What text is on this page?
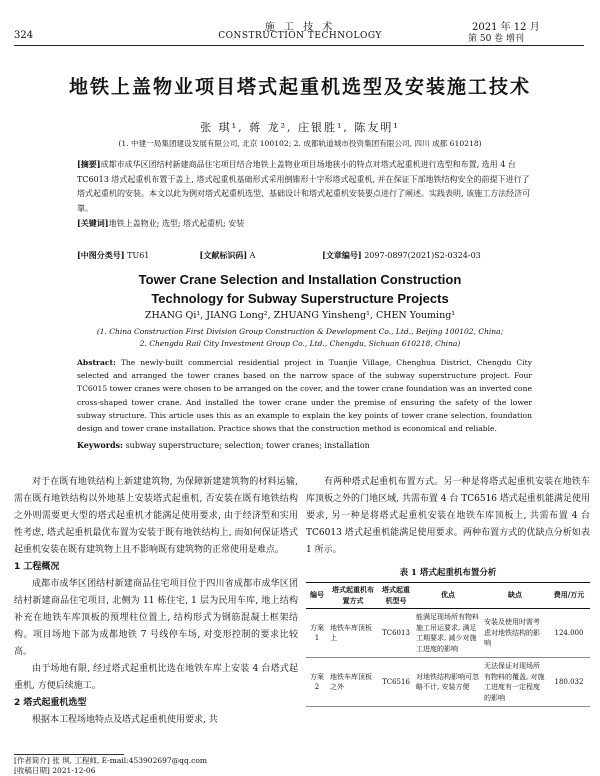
324
施 工 技 术
CONSTRUCTION TECHNOLOGY
2021 年 12 月
第 50 卷 增刊
地铁上盖物业项目塔式起重机选型及安装施工技术
张 琪¹, 蒋 龙², 庄银胜¹, 陈友明¹
(1. 中建一局集团建设发展有限公司, 北京 100102; 2. 成都轨道城市投资集团有限公司, 四川 成都 610218)
[摘要]成都市成华区团结村新建商品住宅项目结合地铁上盖物业项目场地狭小的特点对塔式起重机进行选型和布置, 选用 4 台 TC6013 塔式起重机布置于盖上, 塔式起重机基础形式采用倒锥形十字形塔式起重机, 并在保证下部地铁结构安全的前提下进行了塔式起重机的安装。本文以此为例对塔式起重机选型、基础设计和塔式起重机安装要点进行了阐述。实践表明, 该施工方法经济可靠。
[关键词]地铁上盖物业; 选型; 塔式起重机; 安装
[中图分类号] TU61	[文献标识码] A	[文章编号] 2097-0897(2021)S2-0324-03
Tower Crane Selection and Installation Construction
Technology for Subway Superstructure Projects
ZHANG Qi¹, JIANG Long², ZHUANG Yinsheng¹, CHEN Youming¹
(1. China Construction First Division Group Construction & Development Co., Ltd., Beijing 100102, China;
2. Chengdu Rail City Investment Group Co., Ltd., Chengdu, Sichuan 610218, China)
Abstract: The newly-built commercial residential project in Tuanjie Village, Chenghua District, Chengdu City selected and arranged the tower cranes based on the narrow space of the subway superstructure project. Four TC6015 tower cranes were chosen to be arranged on the cover, and the tower crane foundation was an inverted cone cross-shaped tower crane. And installed the tower crane under the premise of ensuring the safety of the lower subway structure. This article uses this as an example to explain the key points of tower crane selection, foundation design and tower crane installation. Practice shows that the construction method is economical and reliable.
Keywords: subway superstructure; selection; tower cranes; installation

对于在既有地铁结构上新建建筑物, 为保障新建建筑物的材料运输, 需在既有地铁结构以外地基上安装塔式起重机, 否安装在既有地铁结构之外则需要更大型的塔式起重机才能满足使用要求, 由于经济型和实用性考虑, 塔式起重机最优布置为安装于既有地铁结构上, 而如何保证塔式起重机安装在既有建筑物上且不影响既有建筑物的正常使用是难点。

1 工程概况

成都市成华区团结村新建商品住宅项目位于四川省成都市成华区团结村新建商品住宅项目, 北侧为 11 栋住宅, 1 层为民用车库, 地上结构补充在地铁车库顶板的预埋柱位置上, 结构形式为钢筋混凝土框架结构。项目场地下部为成都地铁 7 号线停车场, 对变形控制的要求比较高。

由于场地有限, 经过塔式起重机比选在地铁车库上安装 4 台塔式起重机, 方便后续施工。

2 塔式起重机选型

根据本工程场地特点及塔式起重机使用要求, 共

有两种塔式起重机布置方式。另一种是将塔式起重机安装在地铁车库顶板之外的门地区域, 共需布置 4 台 TC6516 塔式起重机能满足使用要求, 另一种是将塔式起重机安装在地铁车库顶板上, 共需布置 4 台 TC6013 塔式起重机能满足使用要求。两种布置方式的优缺点分析如表 1 所示。

表 1 塔式起重机布置分析
编号	塔式起重机布置方式	塔式起重机型号	优点	缺点	费用/万元
方案 1	地铁车库顶板上	TC6013	能满足现场所有物料施工吊运要求, 满足工期要求, 减少对施工进度的影响	安装及使用时需考虑对地铁结构的影响	124.000
方案 2	地铁车库顶板之外	TC6516	对地铁结构影响可忽略不计, 安装方便	无法保证对现场所有物料的覆盖, 对施工进度有一定程度的影响	180.032
[作者简介] 张 琪, 工程师, E-mail:453902697@qq.com
[收稿日期] 2021-12-06
